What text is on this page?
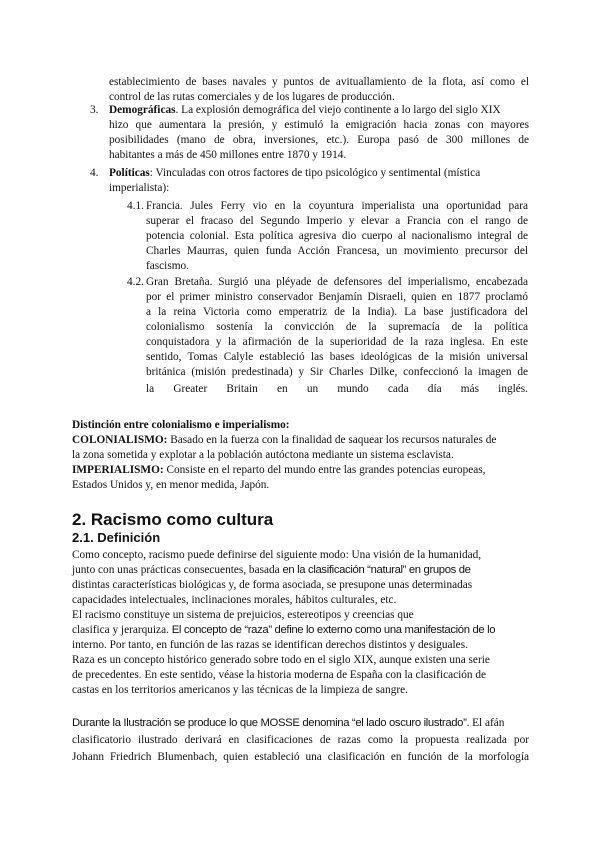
establecimiento de bases navales y puntos de avituallamiento de la flota, así como el
control de las rutas comerciales y de los lugares de producción.
3. Demográficas. La explosión demográfica del viejo continente a lo largo del siglo XIX
hizo que aumentara la presión, y estimuló la emigración hacia zonas con mayores
posibilidades (mano de obra, inversiones, etc.). Europa pasó de 300 millones de
habitantes a más de 450 millones entre 1870 y 1914.
4. Políticas: Vinculadas con otros factores de tipo psicológico y sentimental (mística
imperialista):
4.1. Francia. Jules Ferry vio en la coyuntura imperialista una oportunidad para
superar el fracaso del Segundo Imperio y elevar a Francia con el rango de
potencia colonial. Esta política agresiva dio cuerpo al nacionalismo integral de
Charles Maurras, quien funda Acción Francesa, un movimiento precursor del
fascismo.
4.2. Gran Bretaña. Surgió una pléyade de defensores del imperialismo, encabezada
por el primer ministro conservador Benjamín Disraeli, quien en 1877 proclamó
a la reina Victoria como emperatriz de la India). La base justificadora del
colonialismo sostenía la convicción de la supremacía de la política
conquistadora y la afirmación de la superioridad de la raza inglesa. En este
sentido, Tomas Calyle estableció las bases ideológicas de la misión universal
británica (misión predestinada) y Sir Charles Dilke, confeccionó la imagen de
la Greater Britain en un mundo cada día más inglés.
Distinción entre colonialismo e imperialismo:
COLONIALISMO: Basado en la fuerza con la finalidad de saquear los recursos naturales de
la zona sometida y explotar a la población autóctona mediante un sistema esclavista.
IMPERIALISMO: Consiste en el reparto del mundo entre las grandes potencias europeas,
Estados Unidos y, en menor medida, Japón.
2. Racismo como cultura
2.1. Definición
Como concepto, racismo puede definirse del siguiente modo: Una visión de la humanidad,
junto con unas prácticas consecuentes, basada en la clasificación “natural” en grupos de
distintas características biológicas y, de forma asociada, se presupone unas determinadas
capacidades intelectuales, inclinaciones morales, hábitos culturales, etc.
El racismo constituye un sistema de prejuicios, estereotipos y creencias que
clasifica y jerarquiza. El concepto de “raza” define lo externo como una manifestación de lo
interno. Por tanto, en función de las razas se identifican derechos distintos y desiguales.
Raza es un concepto histórico generado sobre todo en el siglo XIX, aunque existen una serie
de precedentes. En este sentido, véase la historia moderna de España con la clasificación de
castas en los territorios americanos y las técnicas de la limpieza de sangre.
Durante la Ilustración se produce lo que MOSSE denomina “el lado oscuro ilustrado”. El afán
clasificatorio ilustrado derivará en clasificaciones de razas como la propuesta realizada por
Johann Friedrich Blumenbach, quien estableció una clasificación en función de la morfología
